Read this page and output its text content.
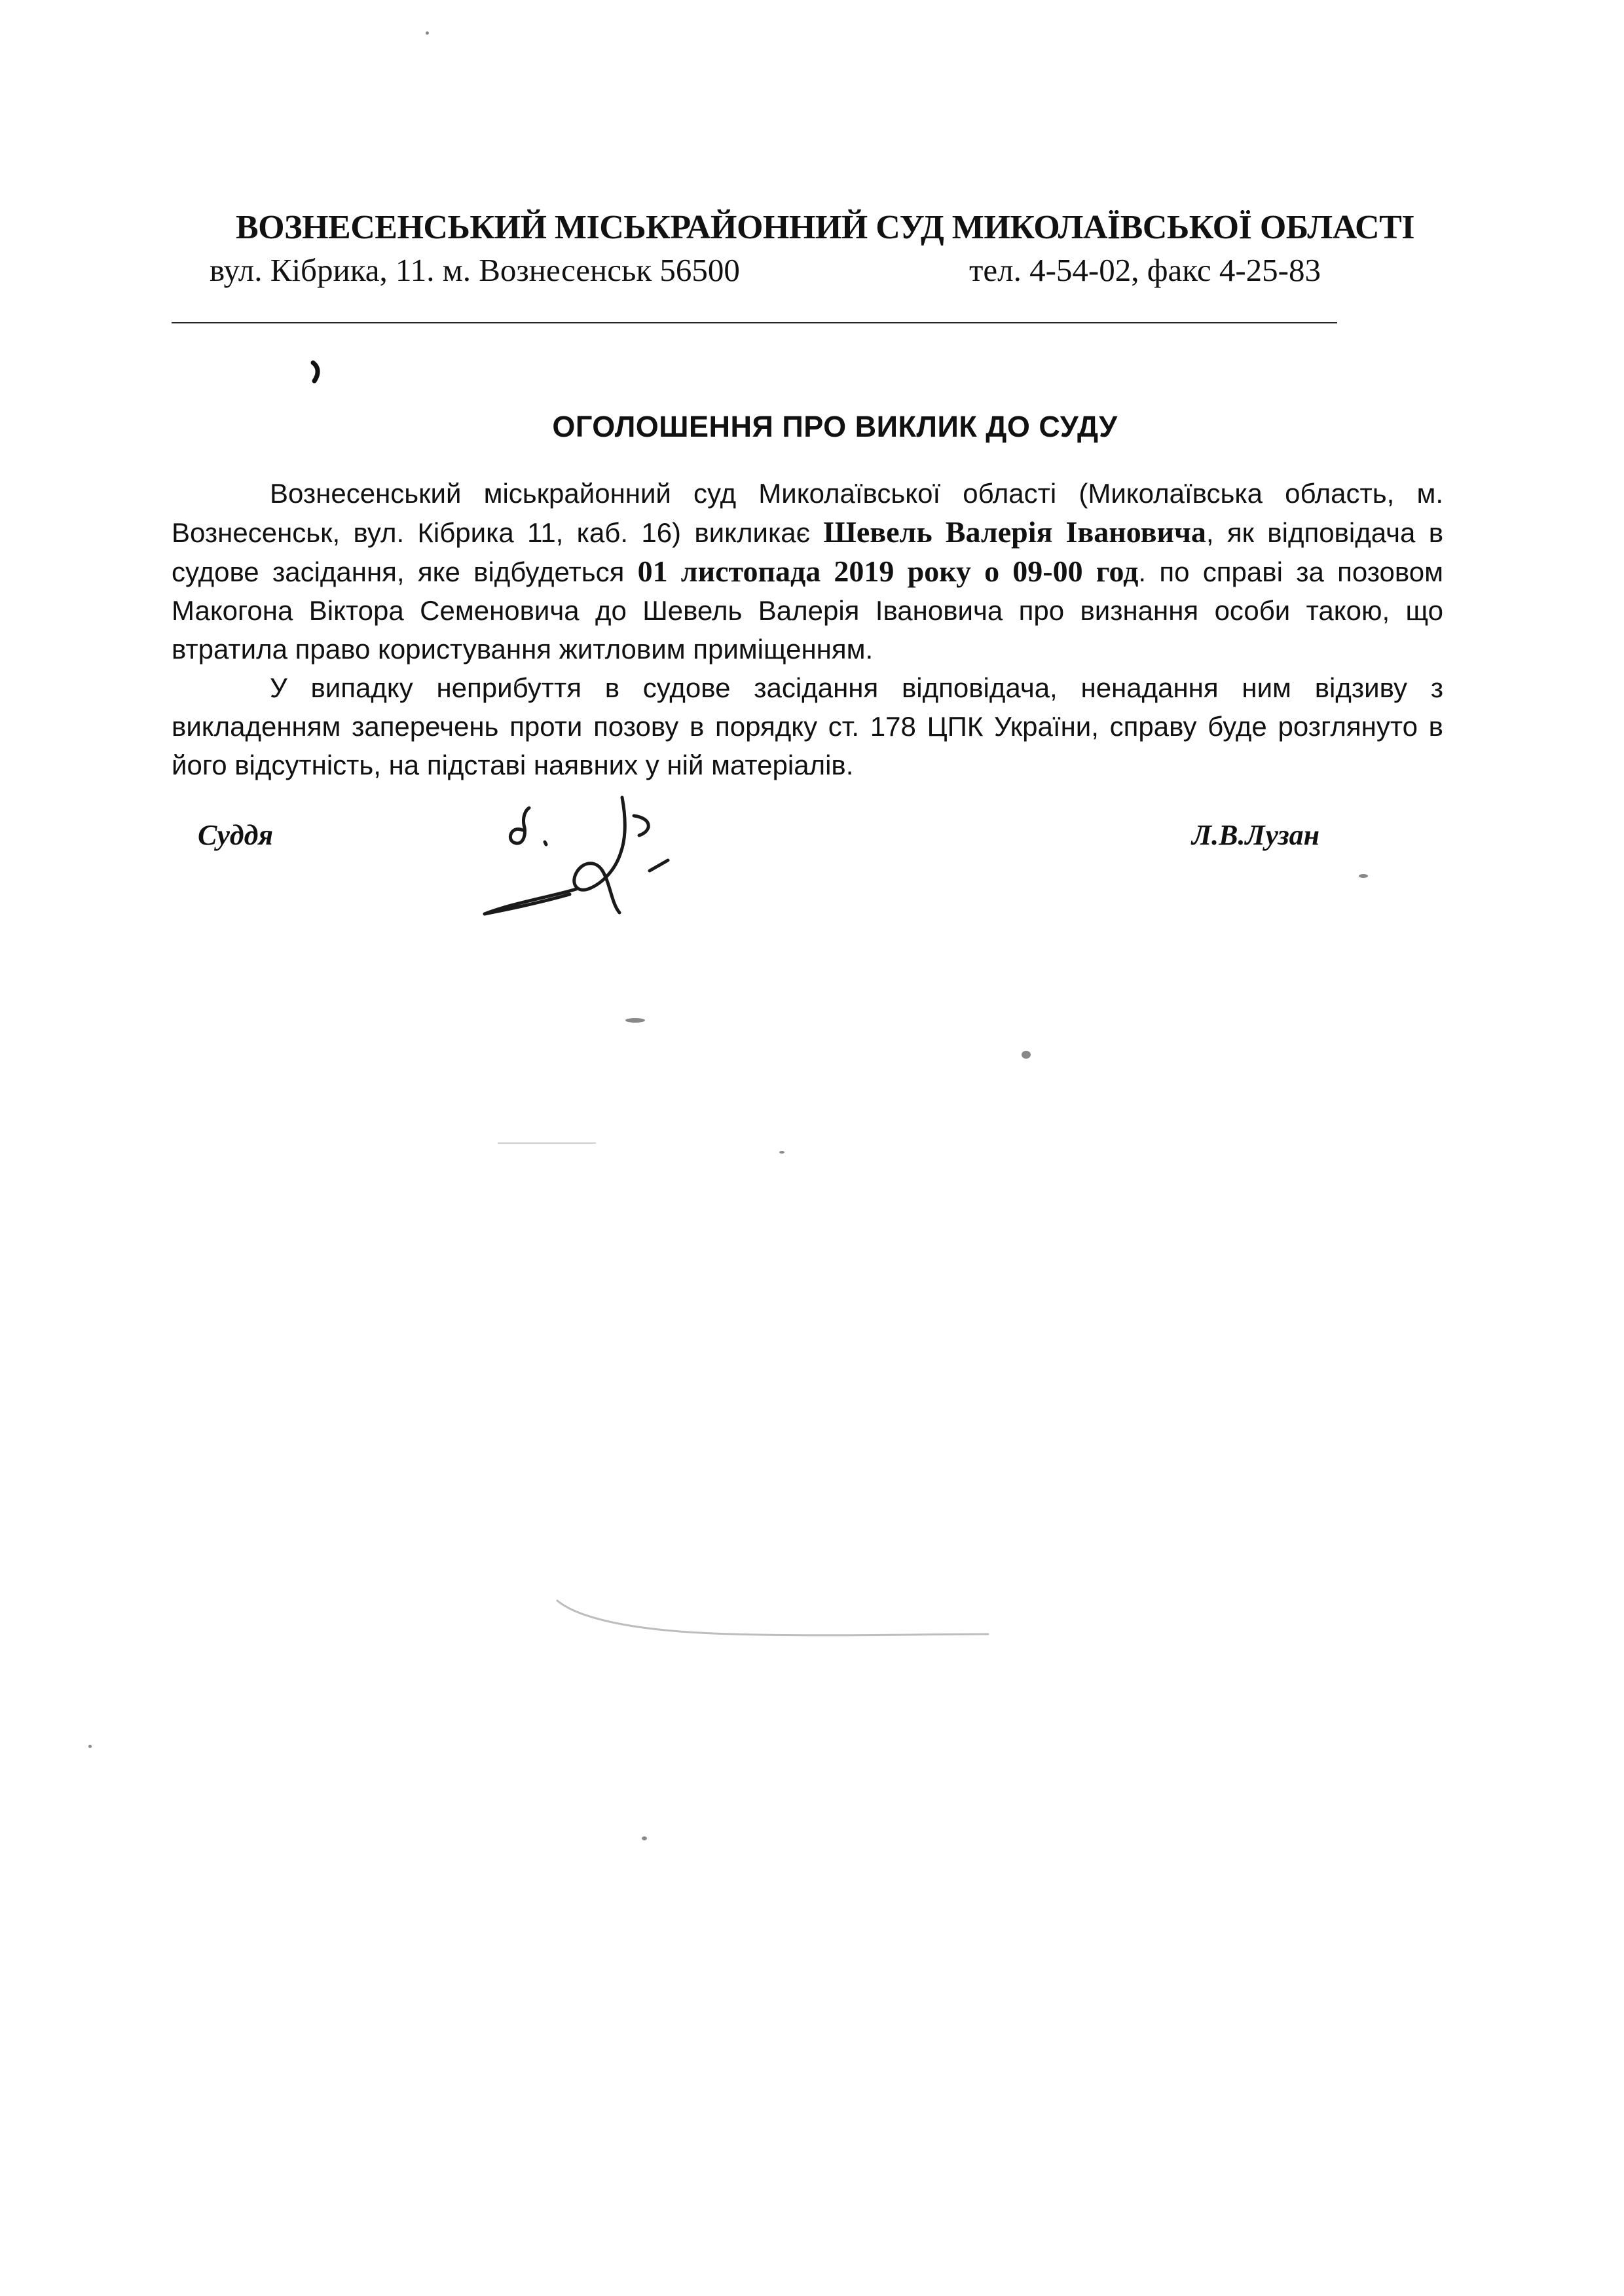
ВОЗНЕСЕНСЬКИЙ МІСЬКРАЙОННИЙ СУД МИКОЛАЇВСЬКОЇ ОБЛАСТІ
вул. Кібрика, 11. м. Вознесенськ 56500	тел. 4-54-02, факс 4-25-83
ОГОЛОШЕННЯ ПРО ВИКЛИК ДО СУДУ

Вознесенський міськрайонний суд Миколаївської області (Миколаївська область, м. Вознесенськ, вул. Кібрика 11, каб. 16) викликає Шевель Валерія Івановича, як відповідача в судове засідання, яке відбудеться 01 листопада 2019 року о 09-00 год. по справі за позовом Макогона Віктора Семеновича до Шевель Валерія Івановича про визнання особи такою, що втратила право користування житловим приміщенням.

У випадку неприбуття в судове засідання відповідача, ненадання ним відзиву з викладенням заперечень проти позову в порядку ст. 178 ЦПК України, справу буде розглянуто в його відсутність, на підставі наявних у ній матеріалів.

Суддя	Л.В.Лузан
